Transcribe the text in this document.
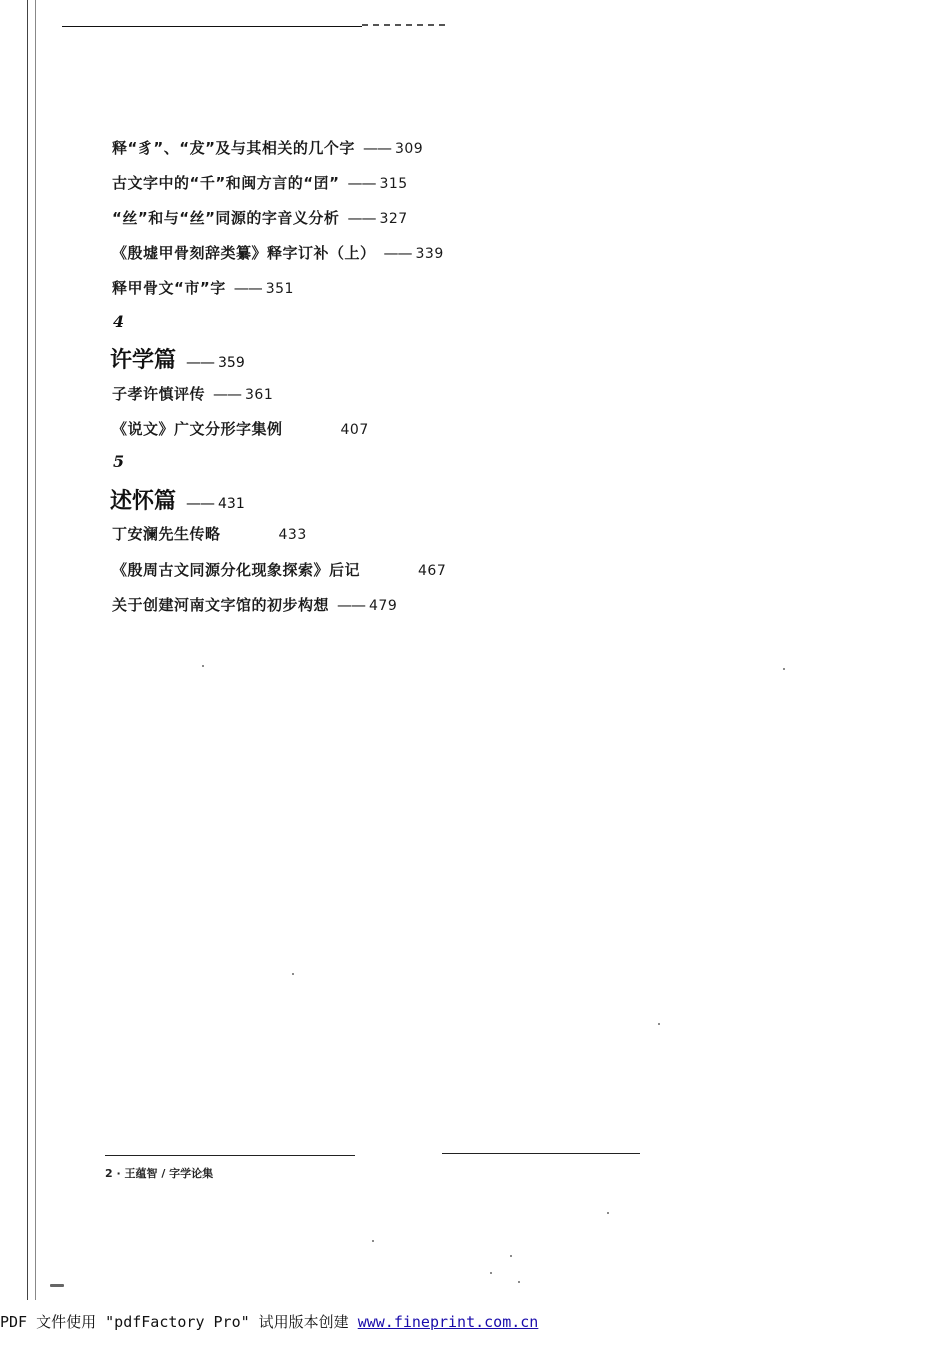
释“豸”、“犮”及与其相关的几个字 —— 309
古文字中的“千”和闽方言的“囝” —— 315
“丝”和与“丝”同源的字音义分析 —— 327
《殷墟甲骨刻辞类纂》释字订补（上） —— 339
释甲骨文“市”字 —— 351
4
许学篇 —— 359
子孝许慎评传 —— 361
《说文》广文分形字集例	407
5
述怀篇 —— 431
丁安澜先生传略	433
《殷周古文同源分化现象探索》后记	467
关于创建河南文字馆的初步构想 —— 479
2 · 王蕴智 / 字学论集
PDF 文件使用 "pdfFactory Pro" 试用版本创建 www.fineprint.com.cn
